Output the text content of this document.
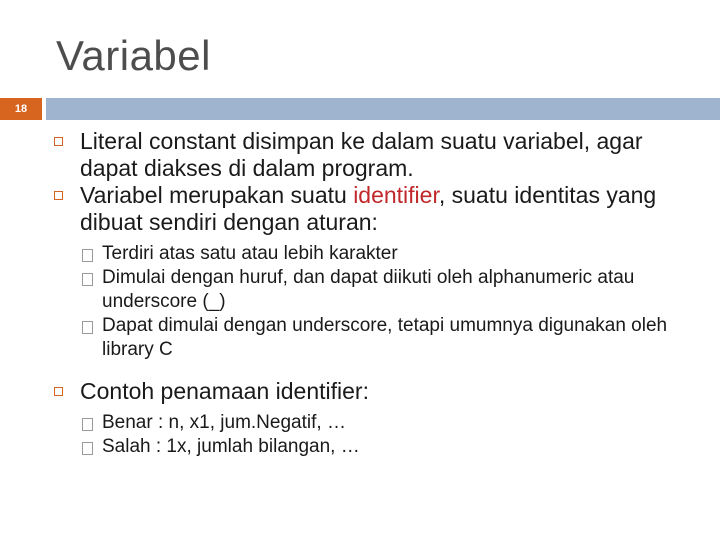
Variabel
18
Literal constant disimpan ke dalam suatu variabel, agar dapat diakses di dalam program.
Variabel merupakan suatu identifier, suatu identitas yang dibuat sendiri dengan aturan:
Terdiri atas satu atau lebih karakter
Dimulai dengan huruf, dan dapat diikuti oleh alphanumeric atau underscore (_)
Dapat dimulai dengan underscore, tetapi umumnya digunakan oleh library C
Contoh penamaan identifier:
Benar : n, x1, jum.Negatif, …
Salah : 1x, jumlah bilangan, …
